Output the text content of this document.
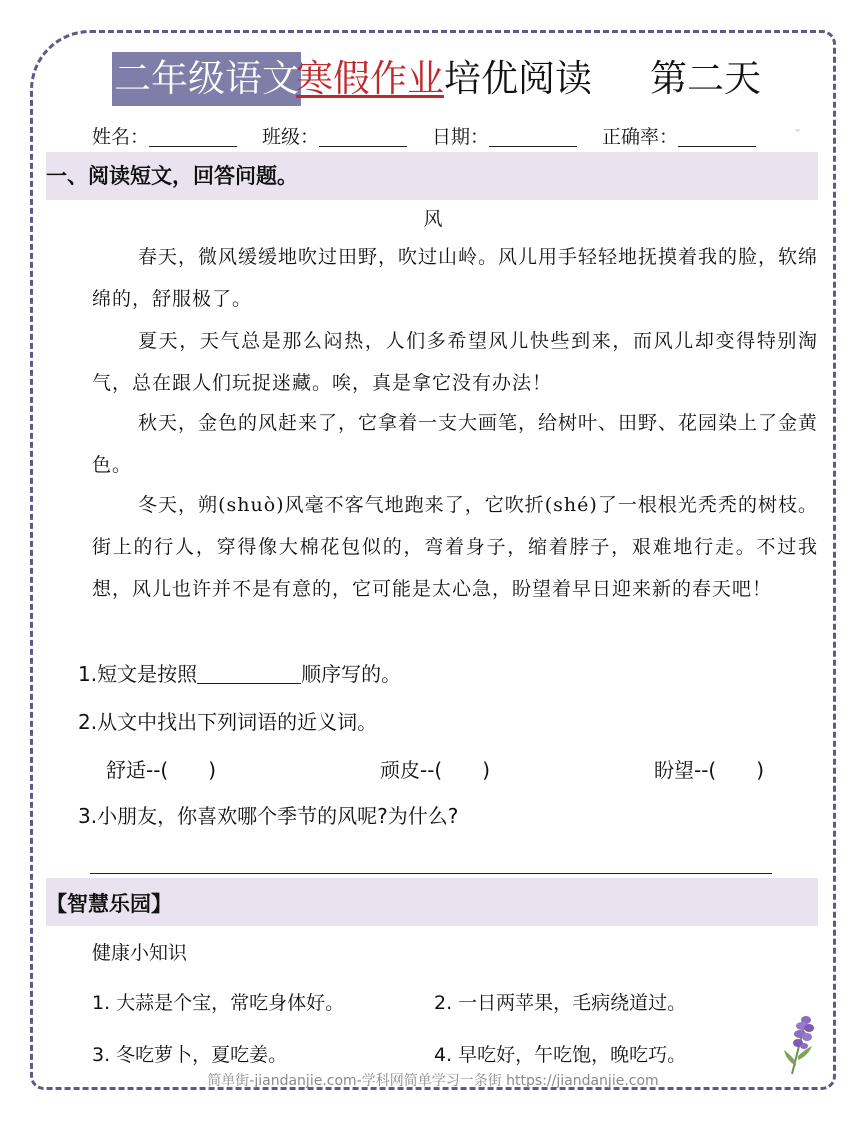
二年级语文
寒假作业 培优阅读 第二天
姓名：	班级：	日期：	正确率：	ˇ
一、阅读短文，回答问题。
风
春天，微风缓缓地吹过田野，吹过山岭。风儿用手轻轻地抚摸着我的脸，软绵绵的，舒服极了。
夏天，天气总是那么闷热，人们多希望风儿快些到来，而风儿却变得特别淘气，总在跟人们玩捉迷藏。唉，真是拿它没有办法！
秋天，金色的风赶来了，它拿着一支大画笔，给树叶、田野、花园染上了金黄色。
冬天，朔(shuò)风毫不客气地跑来了，它吹折(shé)了一根根光秃秃的树枝。街上的行人，穿得像大棉花包似的，弯着身子，缩着脖子，艰难地行走。不过我想，风儿也许并不是有意的，它可能是太心急，盼望着早日迎来新的春天吧！
1.短文是按照	顺序写的。
2.从文中找出下列词语的近义词。
舒适--(　　)	顽皮--(　　)	盼望--(　　)
3.小朋友，你喜欢哪个季节的风呢?为什么?
【智慧乐园】
健康小知识
1. 大蒜是个宝，常吃身体好。	2. 一日两苹果，毛病绕道过。
3. 冬吃萝卜，夏吃姜。	4. 早吃好，午吃饱，晚吃巧。
简单街-jiandanjie.com-学科网简单学习一条街 https://jiandanjie.com
